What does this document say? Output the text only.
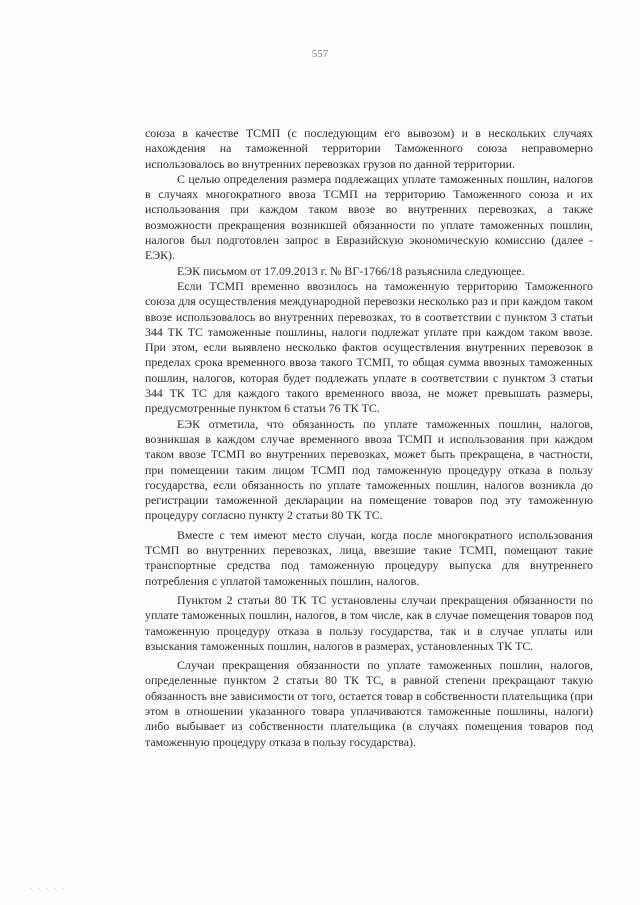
557

союза в качестве ТСМП (с последующим его вывозом) и в нескольких случаях нахождения на таможенной территории Таможенного союза неправомерно использовалось во внутренних перевозках грузов по данной территории.

С целью определения размера подлежащих уплате таможенных пошлин, налогов в случаях многократного ввоза ТСМП на территорию Таможенного союза и их использования при каждом таком ввозе во внутренних перевозках, а также возможности прекращения возникшей обязанности по уплате таможенных пошлин, налогов был подготовлен запрос в Евразийскую экономическую комиссию (далее - ЕЭК).

ЕЭК письмом от 17.09.2013 г. № ВГ-1766/18 разъяснила следующее.

Если ТСМП временно ввозилось на таможенную территорию Таможенного союза для осуществления международной перевозки несколько раз и при каждом таком ввозе использовалось во внутренних перевозках, то в соответствии с пунктом 3 статьи 344 ТК ТС таможенные пошлины, налоги подлежат уплате при каждом таком ввозе. При этом, если выявлено несколько фактов осуществления внутренних перевозок в пределах срока временного ввоза такого ТСМП, то общая сумма ввозных таможенных пошлин, налогов, которая будет подлежать уплате в соответствии с пунктом 3 статьи 344 ТК ТС для каждого такого временного ввоза, не может превышать размеры, предусмотренные пунктом 6 статьи 76 ТК ТС.

ЕЭК отметила, что обязанность по уплате таможенных пошлин, налогов, возникшая в каждом случае временного ввоза ТСМП и использования при каждом таком ввозе ТСМП во внутренних перевозках, может быть прекращена, в частности, при помещении таким лицом ТСМП под таможенную процедуру отказа в пользу государства, если обязанность по уплате таможенных пошлин, налогов возникла до регистрации таможенной декларации на помещение товаров под эту таможенную процедуру согласно пункту 2 статьи 80 ТК ТС.

Вместе с тем имеют место случаи, когда после многократного использования ТСМП во внутренних перевозках, лица, ввезшие такие ТСМП, помещают такие транспортные средства под таможенную процедуру выпуска для внутреннего потребления с уплатой таможенных пошлин, налогов.

Пунктом 2 статьи 80 ТК ТС установлены случаи прекращения обязанности по уплате таможенных пошлин, налогов, в том числе, как в случае помещения товаров под таможенную процедуру отказа в пользу государства, так и в случае уплаты или взыскания таможенных пошлин, налогов в размерах, установленных ТК ТС.

Случаи прекращения обязанности по уплате таможенных пошлин, налогов, определенные пунктом 2 статьи 80 ТК ТС, в равной степени прекращают такую обязанность вне зависимости от того, остается товар в собственности плательщика (при этом в отношении указанного товара уплачиваются таможенные пошлины, налоги) либо выбывает из собственности плательщика (в случаях помещения товаров под таможенную процедуру отказа в пользу государства).

· · · · ·
